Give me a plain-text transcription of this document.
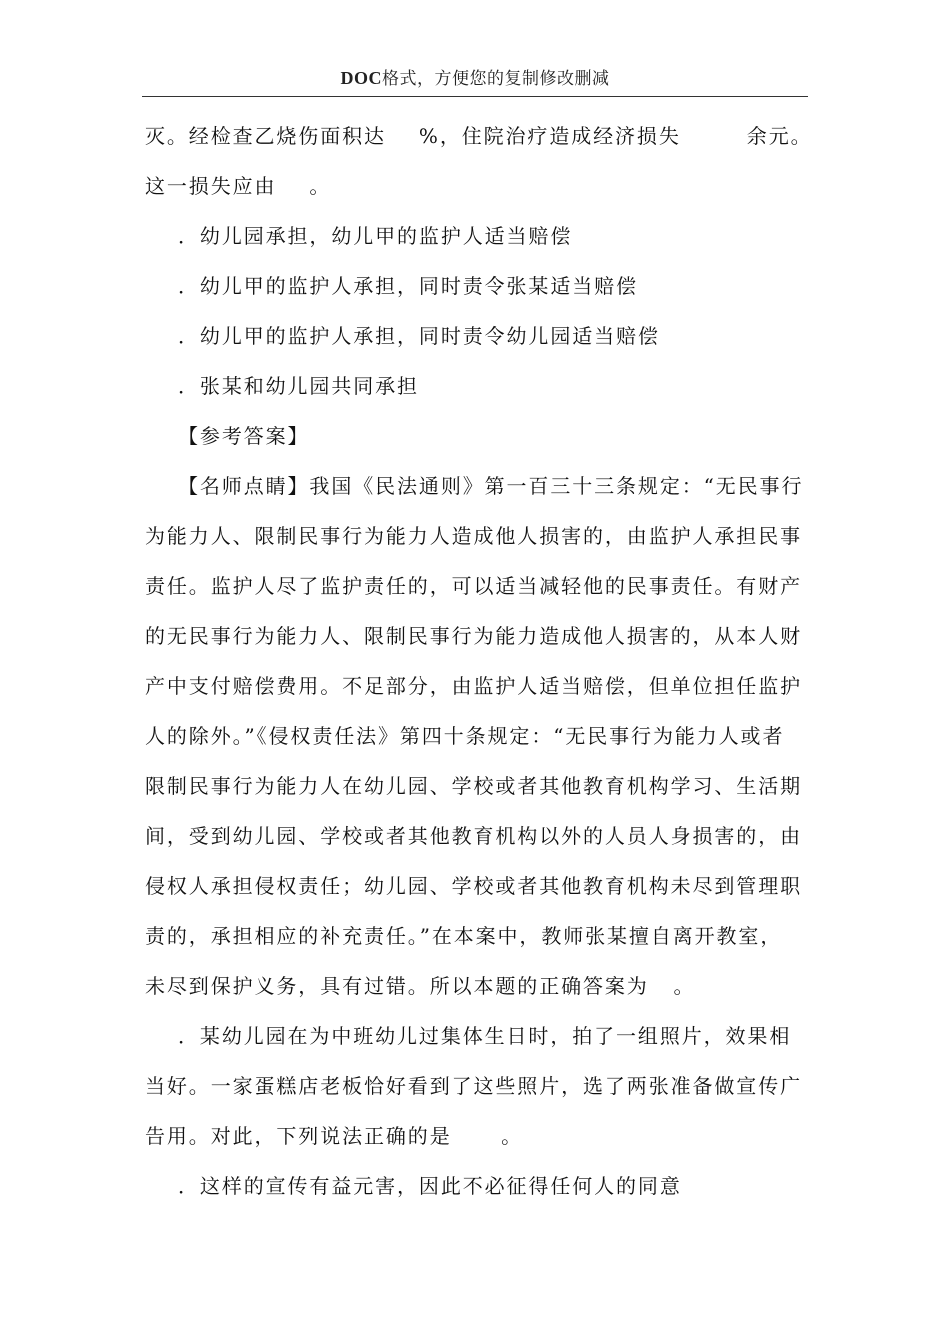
DOC格式，方便您的复制修改删减
灭。经检查乙烧伤面积达    %，住院治疗造成经济损失        余元。
这一损失应由    。
．幼儿园承担，幼儿甲的监护人适当赔偿
．幼儿甲的监护人承担，同时责令张某适当赔偿
．幼儿甲的监护人承担，同时责令幼儿园适当赔偿
．张某和幼儿园共同承担
【参考答案】
【名师点睛】我国《民法通则》第一百三十三条规定：“无民事行
为能力人、限制民事行为能力人造成他人损害的，由监护人承担民事
责任。监护人尽了监护责任的，可以适当减轻他的民事责任。有财产
的无民事行为能力人、限制民事行为能力造成他人损害的，从本人财
产中支付赔偿费用。不足部分，由监护人适当赔偿，但单位担任监护
人的除外。”《侵权责任法》第四十条规定：“无民事行为能力人或者
限制民事行为能力人在幼儿园、学校或者其他教育机构学习、生活期
间，受到幼儿园、学校或者其他教育机构以外的人员人身损害的，由
侵权人承担侵权责任；幼儿园、学校或者其他教育机构未尽到管理职
责的，承担相应的补充责任。”在本案中，教师张某擅自离开教室，
未尽到保护义务，具有过错。所以本题的正确答案为   。
．某幼儿园在为中班幼儿过集体生日时，拍了一组照片，效果相
当好。一家蛋糕店老板恰好看到了这些照片，选了两张准备做宣传广
告用。对此，下列说法正确的是      。
．这样的宣传有益元害，因此不必征得任何人的同意
